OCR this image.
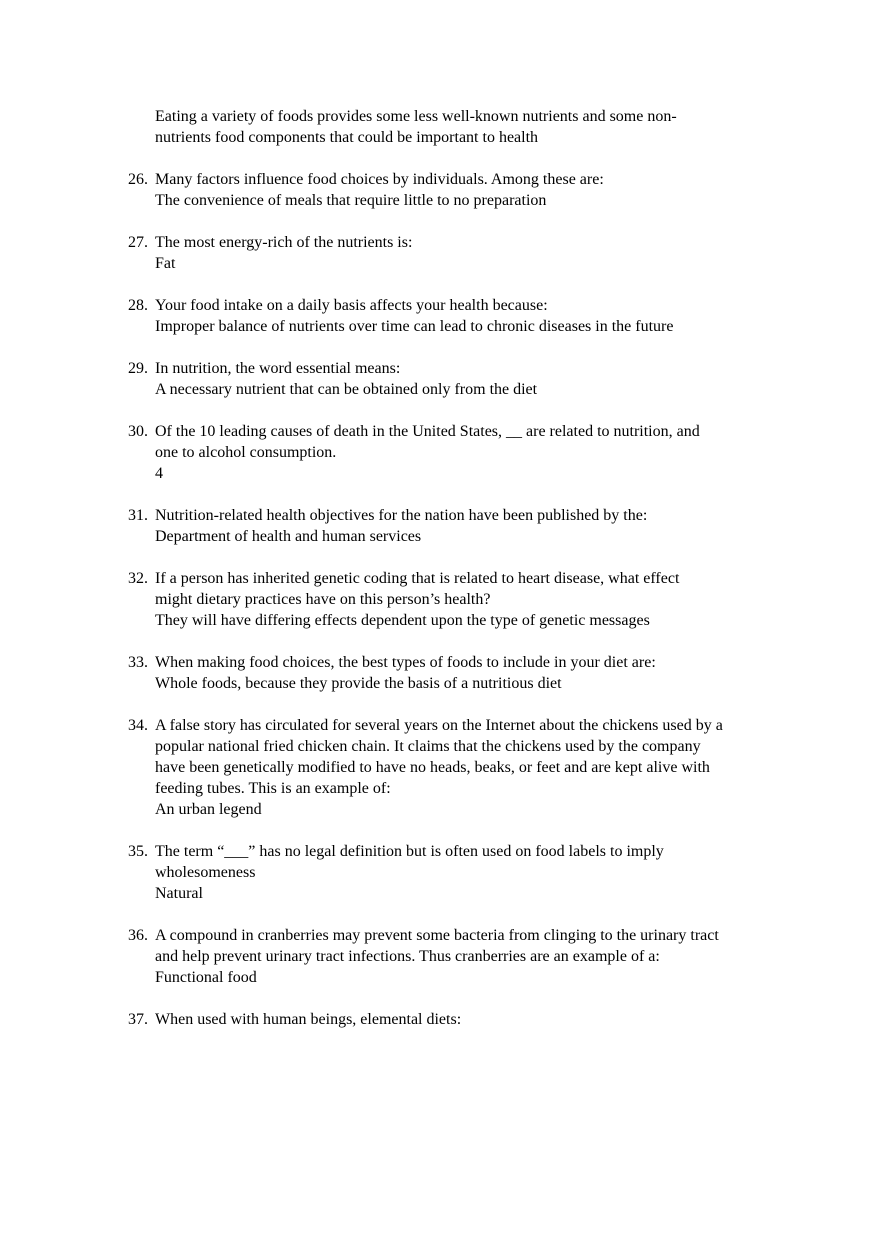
Eating a variety of foods provides some less well-known nutrients and some non-
nutrients food components that could be important to health
26. Many factors influence food choices by individuals. Among these are:
The convenience of meals that require little to no preparation
27. The most energy-rich of the nutrients is:
Fat
28. Your food intake on a daily basis affects your health because:
Improper balance of nutrients over time can lead to chronic diseases in the future
29. In nutrition, the word essential means:
A necessary nutrient that can be obtained only from the diet
30. Of the 10 leading causes of death in the United States, __ are related to nutrition, and
one to alcohol consumption.
4
31. Nutrition-related health objectives for the nation have been published by the:
Department of health and human services
32. If a person has inherited genetic coding that is related to heart disease, what effect
might dietary practices have on this person’s health?
They will have differing effects dependent upon the type of genetic messages
33. When making food choices, the best types of foods to include in your diet are:
Whole foods, because they provide the basis of a nutritious diet
34. A false story has circulated for several years on the Internet about the chickens used by a
popular national fried chicken chain. It claims that the chickens used by the company
have been genetically modified to have no heads, beaks, or feet and are kept alive with
feeding tubes. This is an example of:
An urban legend
35. The term “___” has no legal definition but is often used on food labels to imply
wholesomeness
Natural
36. A compound in cranberries may prevent some bacteria from clinging to the urinary tract
and help prevent urinary tract infections. Thus cranberries are an example of a:
Functional food
37. When used with human beings, elemental diets:
